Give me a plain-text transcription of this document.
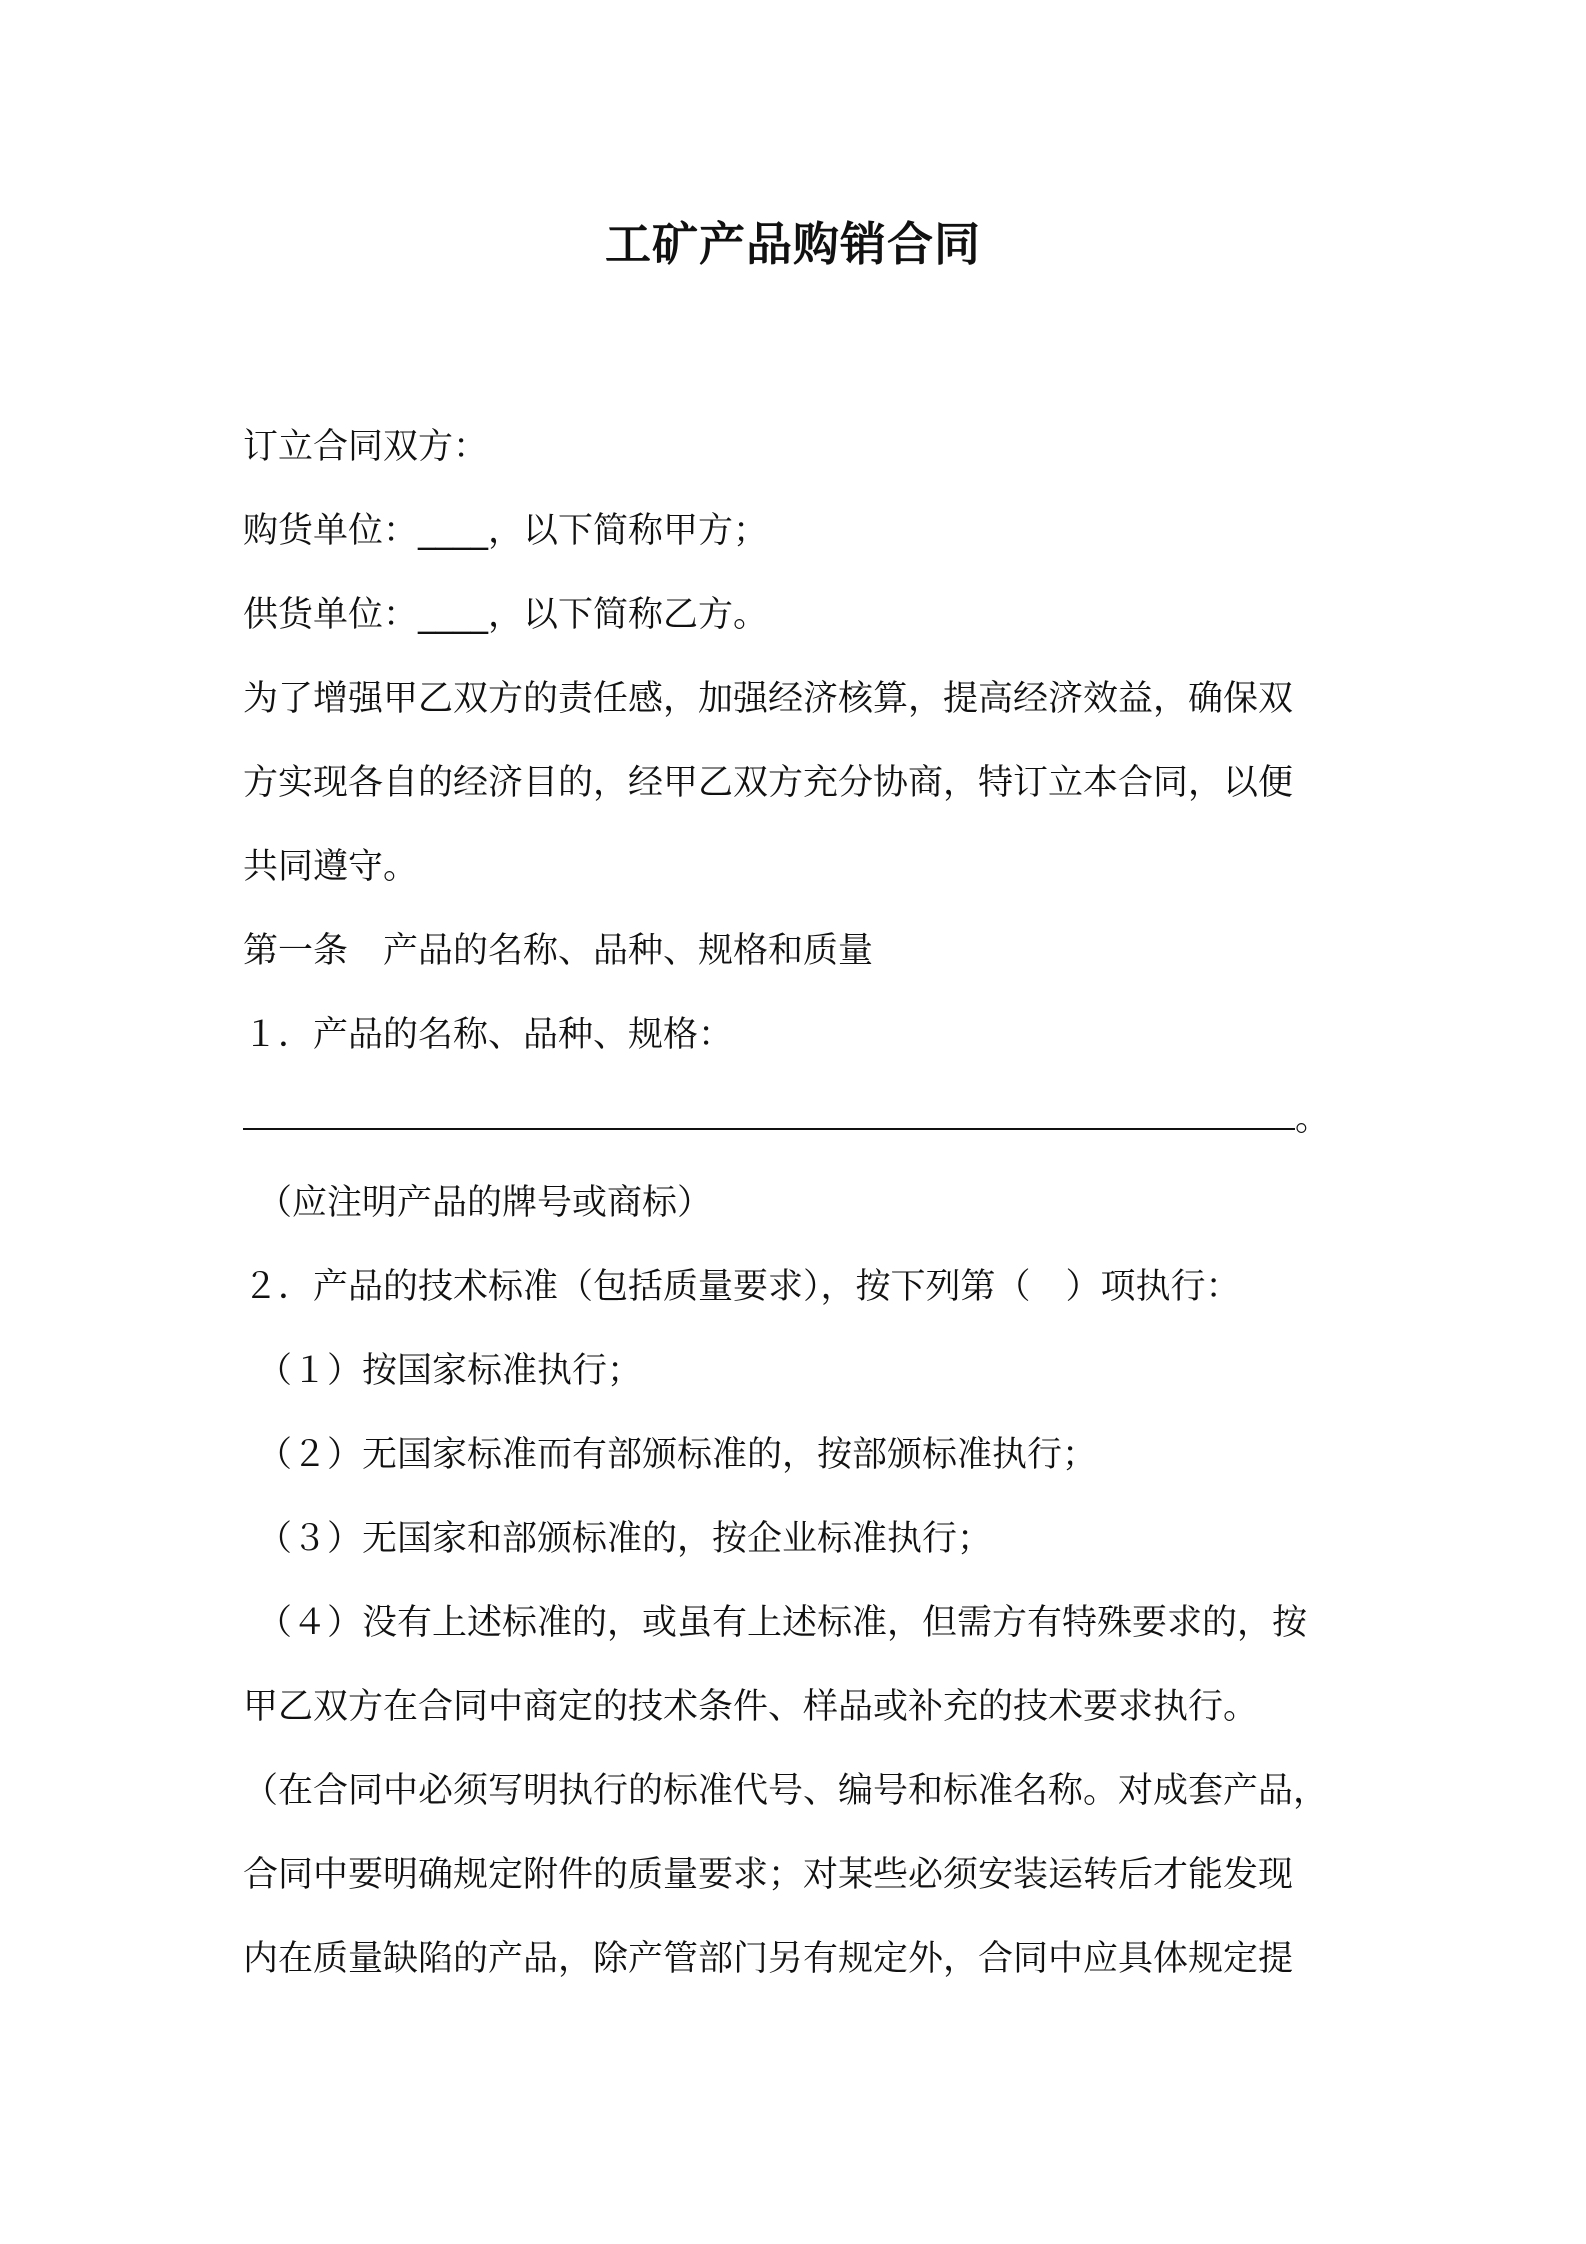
工矿产品购销合同
订立合同双方：
购货单位：____，以下简称甲方；
供货单位：____，以下简称乙方。
为了增强甲乙双方的责任感，加强经济核算，提高经济效益，确保双
方实现各自的经济目的，经甲乙双方充分协商，特订立本合同，以便
共同遵守。
第一条　产品的名称、品种、规格和质量
１．产品的名称、品种、规格：
。
（应注明产品的牌号或商标）
２．产品的技术标准（包括质量要求），按下列第（　）项执行：
（１）按国家标准执行；
（２）无国家标准而有部颁标准的，按部颁标准执行；
（３）无国家和部颁标准的，按企业标准执行；
（４）没有上述标准的，或虽有上述标准，但需方有特殊要求的，按
甲乙双方在合同中商定的技术条件、样品或补充的技术要求执行。
（在合同中必须写明执行的标准代号、编号和标准名称。对成套产品，
合同中要明确规定附件的质量要求；对某些必须安装运转后才能发现
内在质量缺陷的产品，除产管部门另有规定外，合同中应具体规定提
